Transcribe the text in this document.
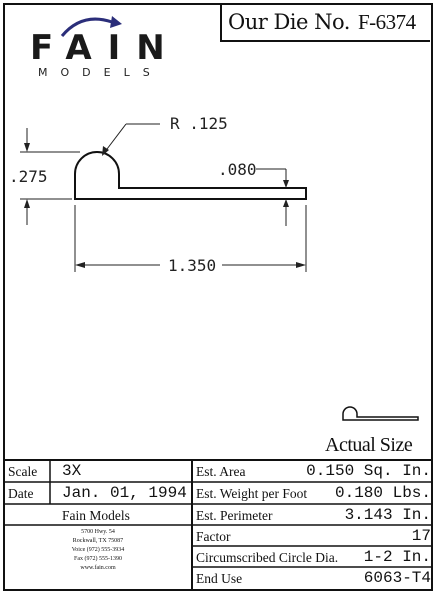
Our Die No. F-6374
FAIN
MODELS
R .125
.275	.080
1.350
Actual Size
Scale 3X
Date Jan. 01, 1994
Fain Models
5700 Hwy. 54
Rockwall, TX 75087
Voice (972) 555-3934
Fax (972) 555-1390
www.fain.com
Est. Area	0.150 Sq. In.
Est. Weight per Foot 0.180 Lbs.
Est. Perimeter	3.143 In.
Factor	17
Circumscribed Circle Dia. 1-2 In.
End Use	6063-T4
